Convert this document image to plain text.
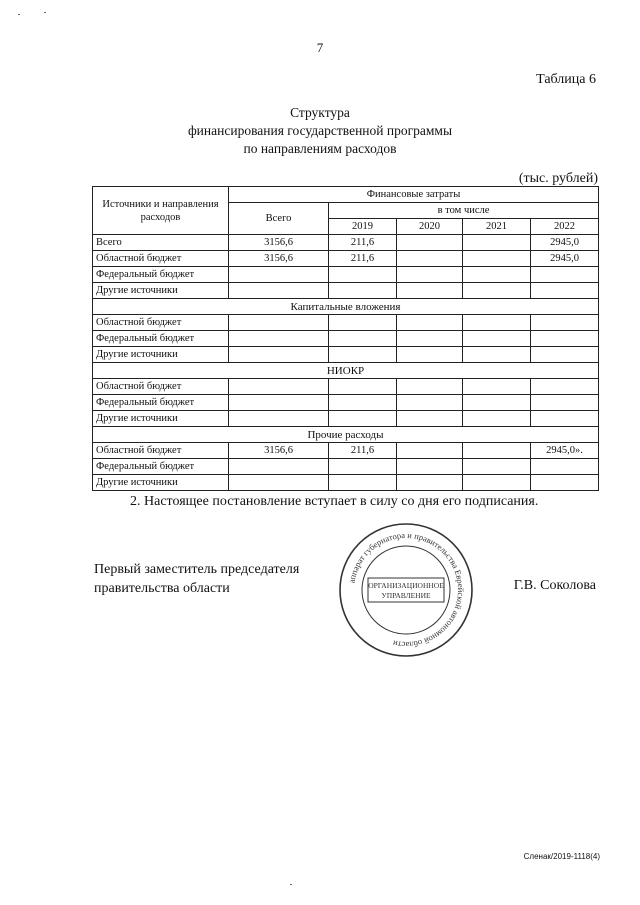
7
Таблица 6
Структура
финансирования государственной программы
по направлениям расходов
(тыс. рублей)
Источники и направления расходов	Финансовые затраты				
	Всего	в том числе			
		2019	2020	2021	2022
Всего	3156,6	211,6			2945,0
Областной бюджет	3156,6	211,6			2945,0
Федеральный бюджет					
Другие источники					
Капитальные вложения					
Областной бюджет					
Федеральный бюджет					
Другие источники					
НИОКР					
Областной бюджет					
Федеральный бюджет					
Другие источники					
Прочие расходы					
Областной бюджет	3156,6	211,6			2945,0».
Федеральный бюджет					
Другие источники					
2. Настоящее постановление вступает в силу со дня его подписания.
Первый заместитель председателя
правительства области	Г.В. Соколова
аппарат губернатора и правительства Еврейской автономной области
ОРГАНИЗАЦИОННОЕ
УПРАВЛЕНИЕ
Сленак/2019-1118(4)
